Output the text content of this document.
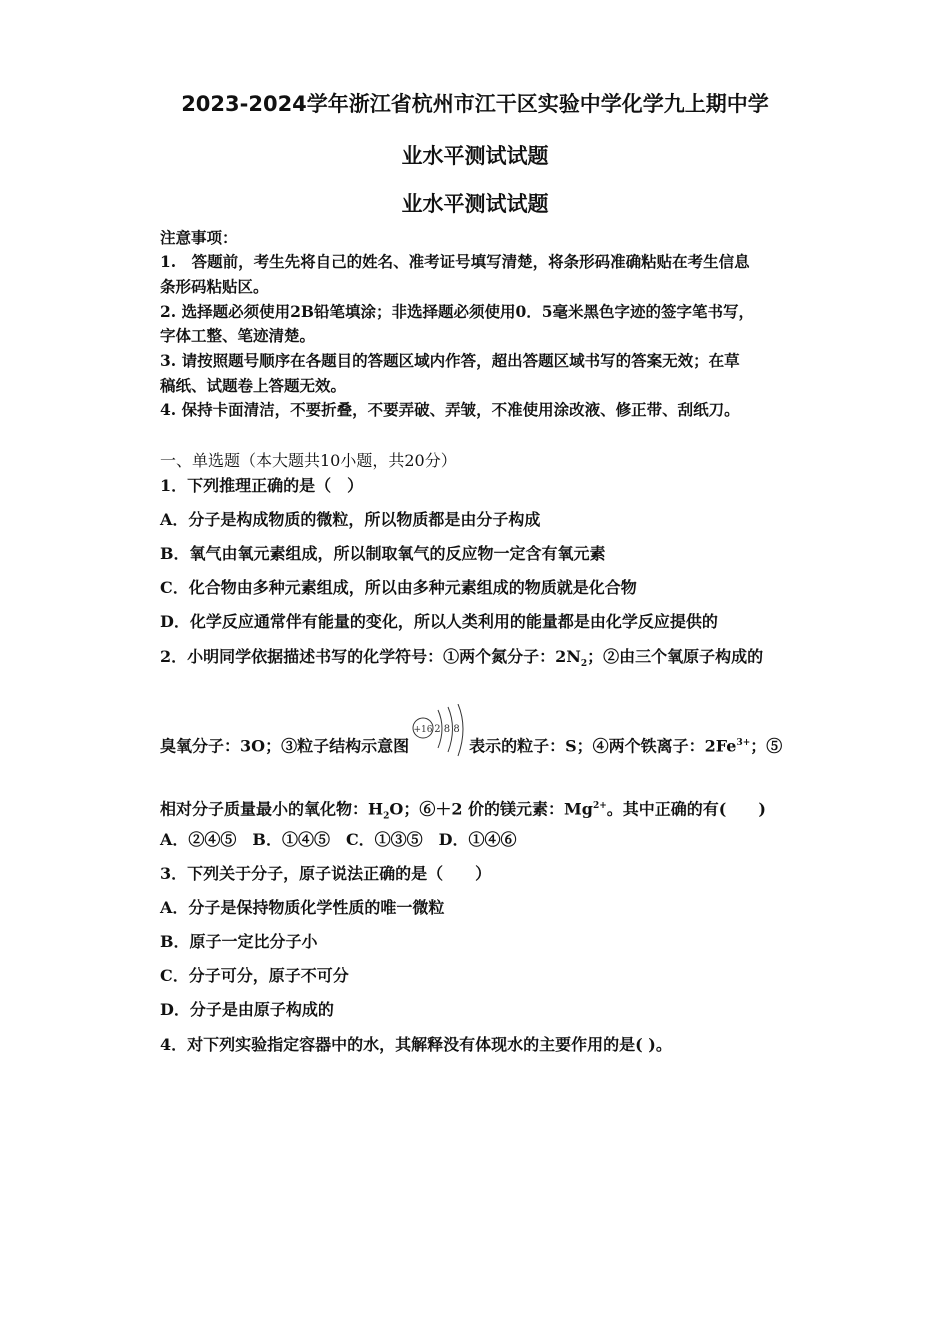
2023-2024学年浙江省杭州市江干区实验中学化学九上期中学
业水平测试试题
业水平测试试题
注意事项：
1.　答题前，考生先将自己的姓名、准考证号填写清楚，将条形码准确粘贴在考生信息
条形码粘贴区。
2. 选择题必须使用2B铅笔填涂；非选择题必须使用0．5毫米黑色字迹的签字笔书写，
字体工整、笔迹清楚。
3. 请按照题号顺序在各题目的答题区域内作答，超出答题区域书写的答案无效；在草
稿纸、试题卷上答题无效。
4. 保持卡面清洁，不要折叠，不要弄破、弄皱，不准使用涂改液、修正带、刮纸刀。
一、单选题（本大题共10小题，共20分）
1．下列推理正确的是（　）
A．分子是构成物质的微粒，所以物质都是由分子构成
B．氧气由氧元素组成，所以制取氧气的反应物一定含有氧元素
C．化合物由多种元素组成，所以由多种元素组成的物质就是化合物
D．化学反应通常伴有能量的变化，所以人类利用的能量都是由化学反应提供的
2．小明同学依据描述书写的化学符号：①两个氮分子：$2N_2$；②由三个氧原子构成的
臭氧分子：3O；③粒子结构示意图	表示的粒子：S；④两个铁离子：$2Fe^{3+}$；⑤
+16 2 8 8
相对分子质量最小的氧化物：$H_2O$；⑥＋2 价的镁元素：$Mg^{2+}$。其中正确的有(　　)
A．②④⑤　B．①④⑤　C．①③⑤　D．①④⑥
3．下列关于分子，原子说法正确的是（　　）
A．分子是保持物质化学性质的唯一微粒
B．原子一定比分子小
C．分子可分，原子不可分
D．分子是由原子构成的
4．对下列实验指定容器中的水，其解释没有体现水的主要作用的是( )。
